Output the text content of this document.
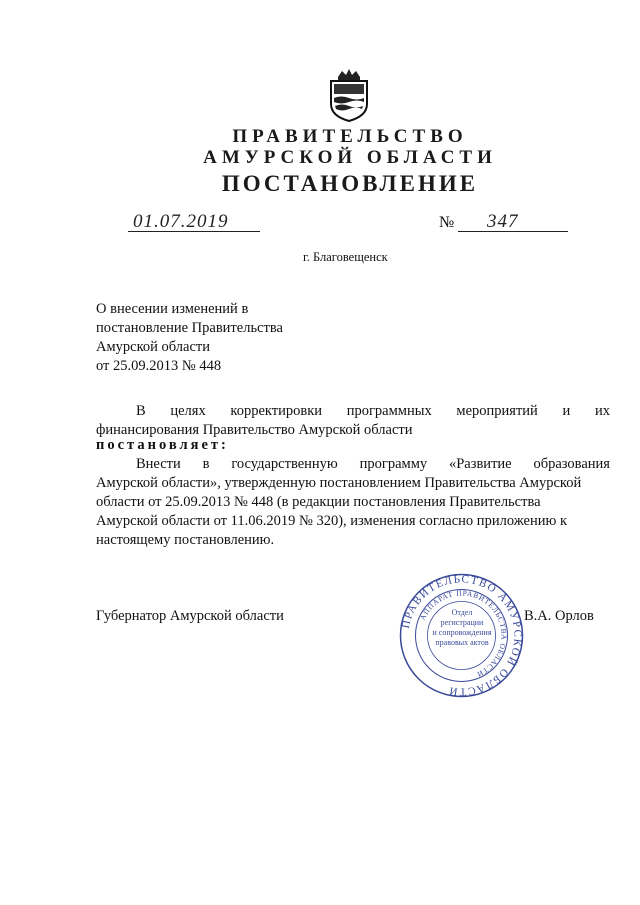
ПРАВИТЕЛЬСТВО
АМУРСКОЙ ОБЛАСТИ
ПОСТАНОВЛЕНИЕ
01.07.2019	№ 347
г. Благовещенск
О внесении изменений в
постановление Правительства
Амурской области
от 25.09.2013 № 448
В целях корректировки программных мероприятий и их
финансирования Правительство Амурской области
постановляет:
Внести в государственную программу «Развитие образования
Амурской области», утвержденную постановлением Правительства Амурской
области от 25.09.2013 № 448 (в редакции постановления Правительства
Амурской области от 11.06.2019 № 320), изменения согласно приложению к
настоящему постановлению.
Губернатор Амурской области	ПРАВИТЕЛЬСТВО АМУРСКОЙ ОБЛАСТИ
АППАРАТ ПРАВИТЕЛЬСТВА ОБЛАСТИ
Отдел
регистрации
и сопровождения
правовых актов
В.А. Орлов
